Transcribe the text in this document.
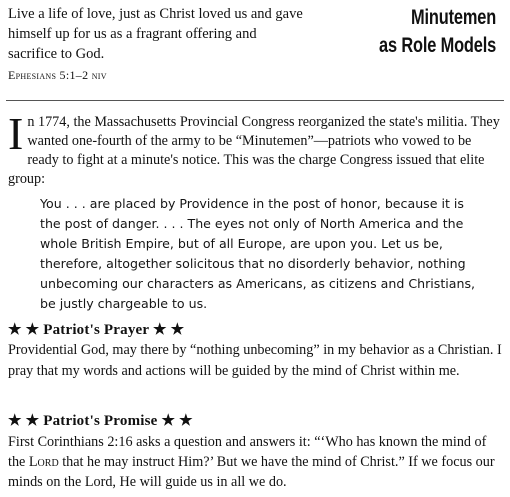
Live a life of love, just as Christ loved us and gave himself up for us as a fragrant offering and sacrifice to God.
Ephesians 5:1–2 niv
Minutemen
as Role Models
In 1774, the Massachusetts Provincial Congress reorganized the state's militia. They wanted one-fourth of the army to be “Minutemen”—patriots who vowed to be ready to fight at a minute's notice. This was the charge Congress issued that elite group:
You . . . are placed by Providence in the post of honor, because it is the post of danger. . . . The eyes not only of North America and the whole British Empire, but of all Europe, are upon you. Let us be, therefore, altogether solicitous that no disorderly behavior, nothing unbecoming our characters as Americans, as citizens and Christians, be justly chargeable to us.
★ ★ Patriot's Prayer ★ ★
Providential God, may there by “nothing unbecoming” in my behavior as a Christian. I pray that my words and actions will be guided by the mind of Christ within me.
★ ★ Patriot's Promise ★ ★
First Corinthians 2:16 asks a question and answers it: “‘Who has known the mind of the Lord that he may instruct Him?’ But we have the mind of Christ.” If we focus our minds on the Lord, He will guide us in all we do.
